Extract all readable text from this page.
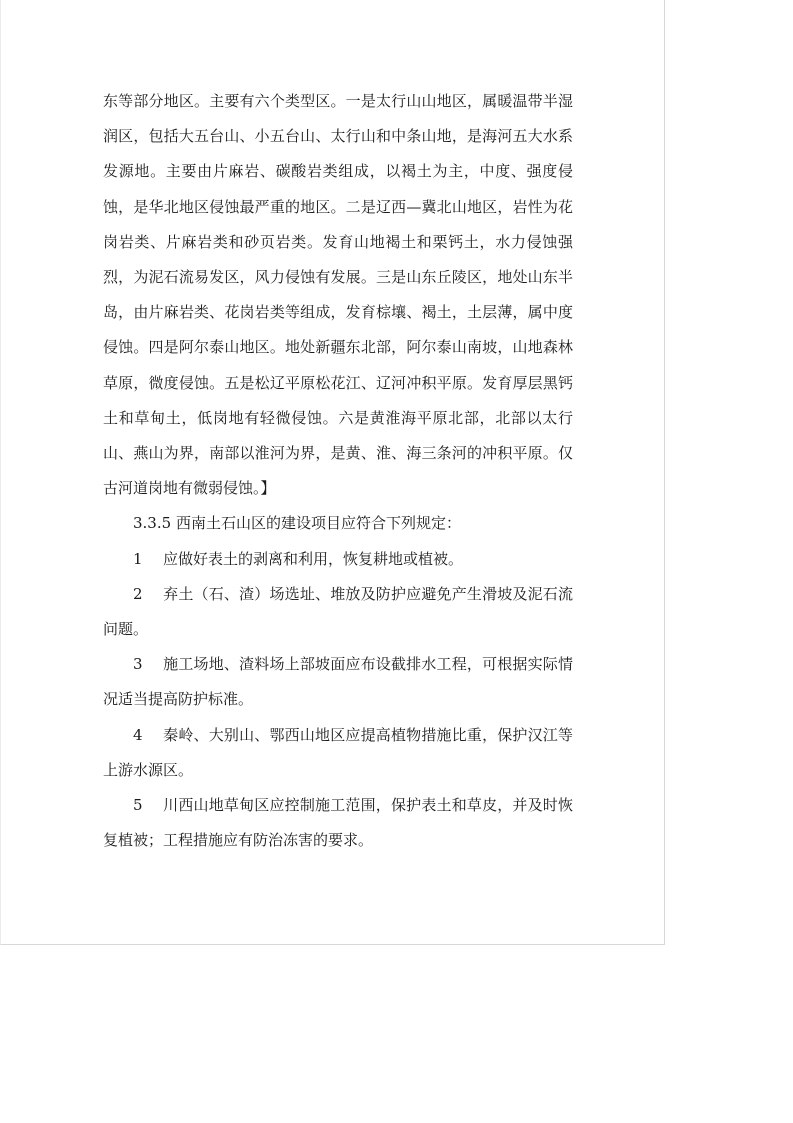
东等部分地区。主要有六个类型区。一是太行山山地区，属暖温带半湿润区，包括大五台山、小五台山、太行山和中条山地，是海河五大水系发源地。主要由片麻岩、碳酸岩类组成，以褐土为主，中度、强度侵蚀，是华北地区侵蚀最严重的地区。二是辽西—冀北山地区，岩性为花岗岩类、片麻岩类和砂页岩类。发育山地褐土和栗钙土，水力侵蚀强烈，为泥石流易发区，风力侵蚀有发展。三是山东丘陵区，地处山东半岛，由片麻岩类、花岗岩类等组成，发育棕壤、褐土，土层薄，属中度侵蚀。四是阿尔泰山地区。地处新疆东北部，阿尔泰山南坡，山地森林草原，微度侵蚀。五是松辽平原松花江、辽河冲积平原。发育厚层黑钙土和草甸土，低岗地有轻微侵蚀。六是黄淮海平原北部，北部以太行山、燕山为界，南部以淮河为界，是黄、淮、海三条河的冲积平原。仅古河道岗地有微弱侵蚀。】

3.3.5 西南土石山区的建设项目应符合下列规定：

1 应做好表土的剥离和利用，恢复耕地或植被。

2 弃土（石、渣）场选址、堆放及防护应避免产生滑坡及泥石流问题。

3 施工场地、渣料场上部坡面应布设截排水工程，可根据实际情况适当提高防护标准。

4 秦岭、大别山、鄂西山地区应提高植物措施比重，保护汉江等上游水源区。

5 川西山地草甸区应控制施工范围，保护表土和草皮，并及时恢复植被；工程措施应有防治冻害的要求。
